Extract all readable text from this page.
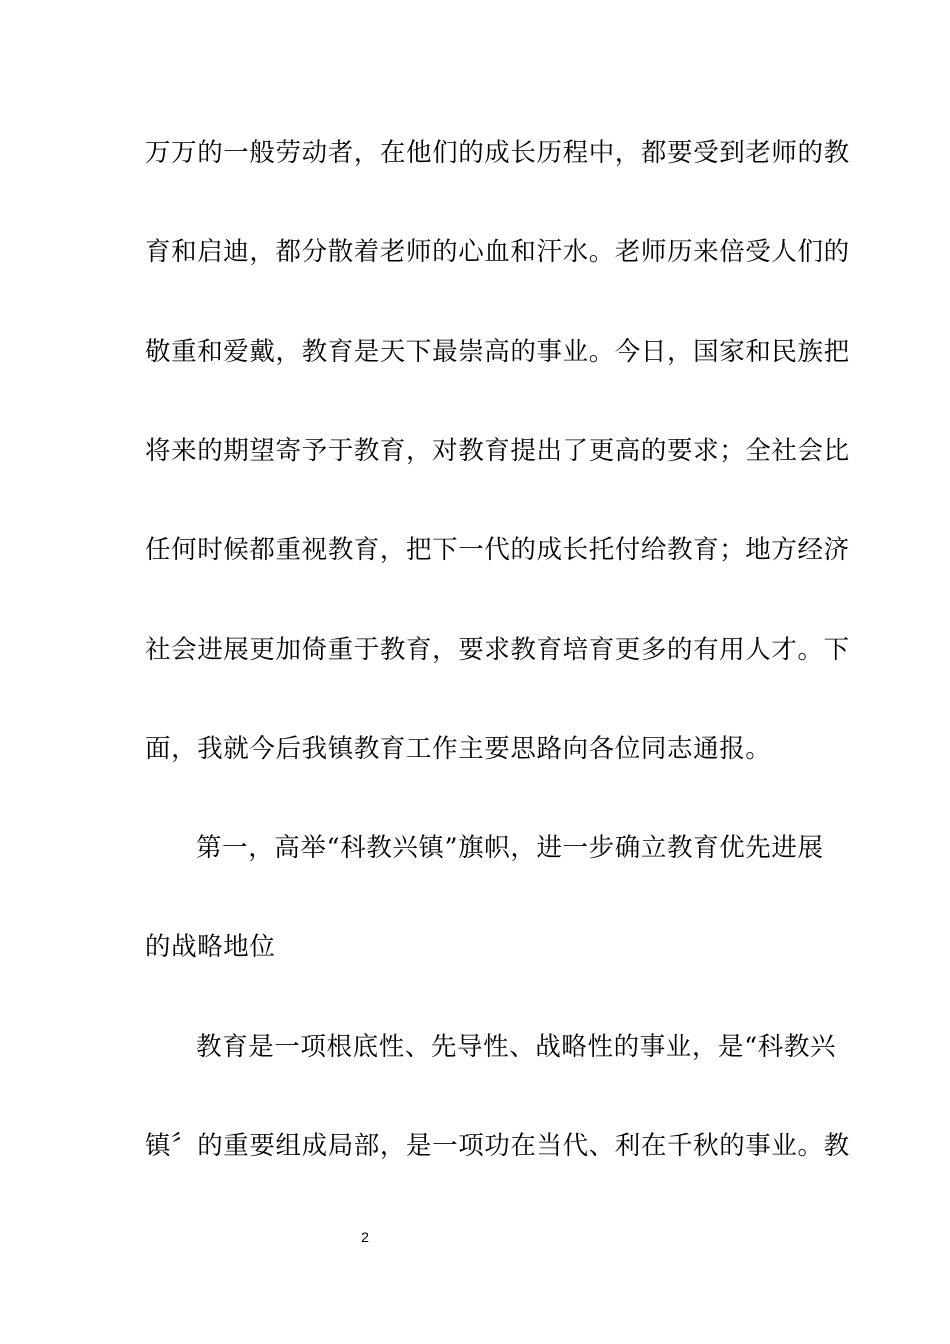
万万的一般劳动者，在他们的成长历程中，都要受到老师的教
育和启迪，都分散着老师的心血和汗水。老师历来倍受人们的
敬重和爱戴，教育是天下最崇高的事业。今日，国家和民族把
将来的期望寄予于教育，对教育提出了更高的要求；全社会比
任何时候都重视教育，把下一代的成长托付给教育；地方经济
社会进展更加倚重于教育，要求教育培育更多的有用人才。下
面，我就今后我镇教育工作主要思路向各位同志通报。
第一，高举“科教兴镇”旗帜，进一步确立教育优先进展
的战略地位
教育是一项根底性、先导性、战略性的事业，是“科教兴
镇〞的重要组成局部，是一项功在当代、利在千秋的事业。教
2
